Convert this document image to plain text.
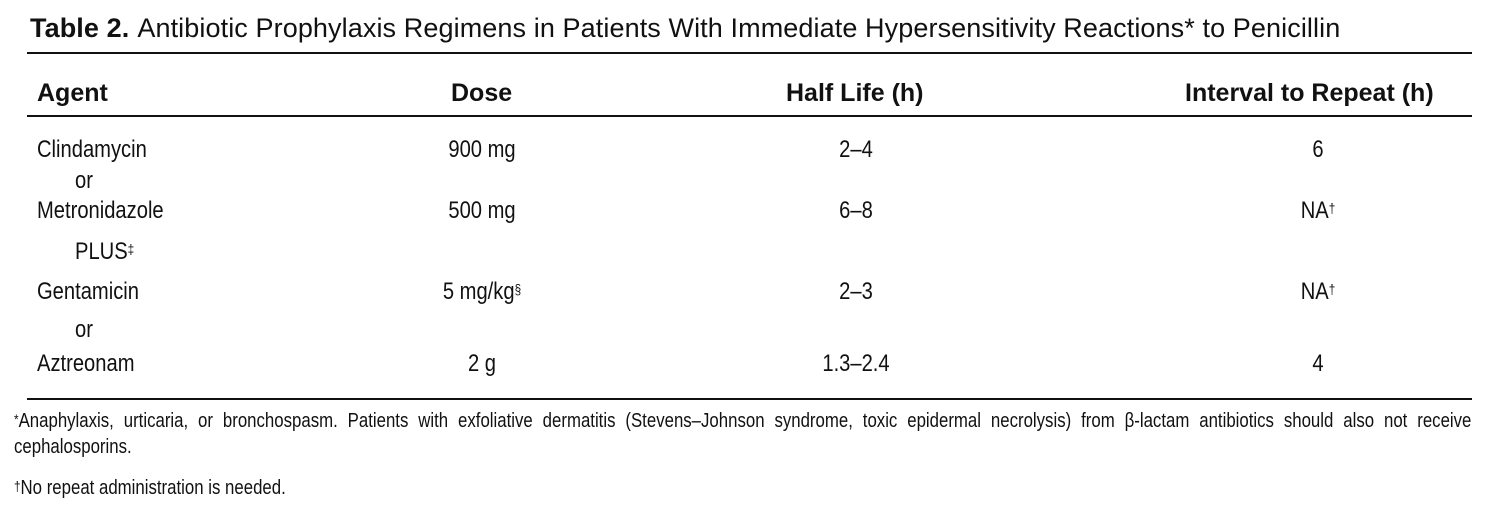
Table 2. Antibiotic Prophylaxis Regimens in Patients With Immediate Hypersensitivity Reactions* to Penicillin
Agent	Dose	Half Life (h)	Interval to Repeat (h)
Clindamycin	900 mg	2–4	6
or
Metronidazole	500 mg	6–8	NA†
PLUS‡
Gentamicin	5 mg/kg§	2–3	NA†
or
Aztreonam	2 g	1.3–2.4	4
*Anaphylaxis, urticaria, or bronchospasm. Patients with exfoliative dermatitis (Stevens–Johnson syndrome, toxic epidermal necrolysis) from β-lactam antibiotics should also not receive cephalosporins.
†No repeat administration is needed.
